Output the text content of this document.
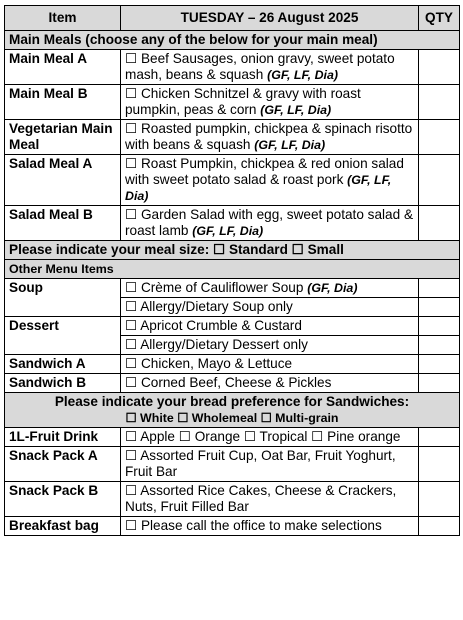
Item	TUESDAY – 26 August 2025	QTY
Main Meals (choose any of the below for your main meal)		
Main Meal A	☐ Beef Sausages, onion gravy, sweet potato mash, beans & squash (GF, LF, Dia)	
Main Meal B	☐ Chicken Schnitzel & gravy with roast pumpkin, peas & corn (GF, LF, Dia)	
Vegetarian Main Meal	☐ Roasted pumpkin, chickpea & spinach risotto with beans & squash (GF, LF, Dia)	
Salad Meal A	☐ Roast Pumpkin, chickpea & red onion salad with sweet potato salad & roast pork (GF, LF, Dia)	
Salad Meal B	☐ Garden Salad with egg, sweet potato salad & roast lamb (GF, LF, Dia)	
Please indicate your meal size: ☐ Standard ☐ Small		
Other Menu Items		
Soup	☐ Crème of Cauliflower Soup (GF, Dia)	
	☐ Allergy/Dietary Soup only	
Dessert	☐ Apricot Crumble & Custard	
	☐ Allergy/Dietary Dessert only	
Sandwich A	☐ Chicken, Mayo & Lettuce	
Sandwich B	☐ Corned Beef, Cheese & Pickles	

Please indicate your bread preference for Sandwiches:
☐ White ☐ Wholemeal ☐ Multi-grain		

1L-Fruit Drink	☐ Apple ☐ Orange ☐ Tropical ☐ Pine orange	
Snack Pack A	☐ Assorted Fruit Cup, Oat Bar, Fruit Yoghurt, Fruit Bar	
Snack Pack B	☐ Assorted Rice Cakes, Cheese & Crackers, Nuts, Fruit Filled Bar	
Breakfast bag	☐ Please call the office to make selections	
